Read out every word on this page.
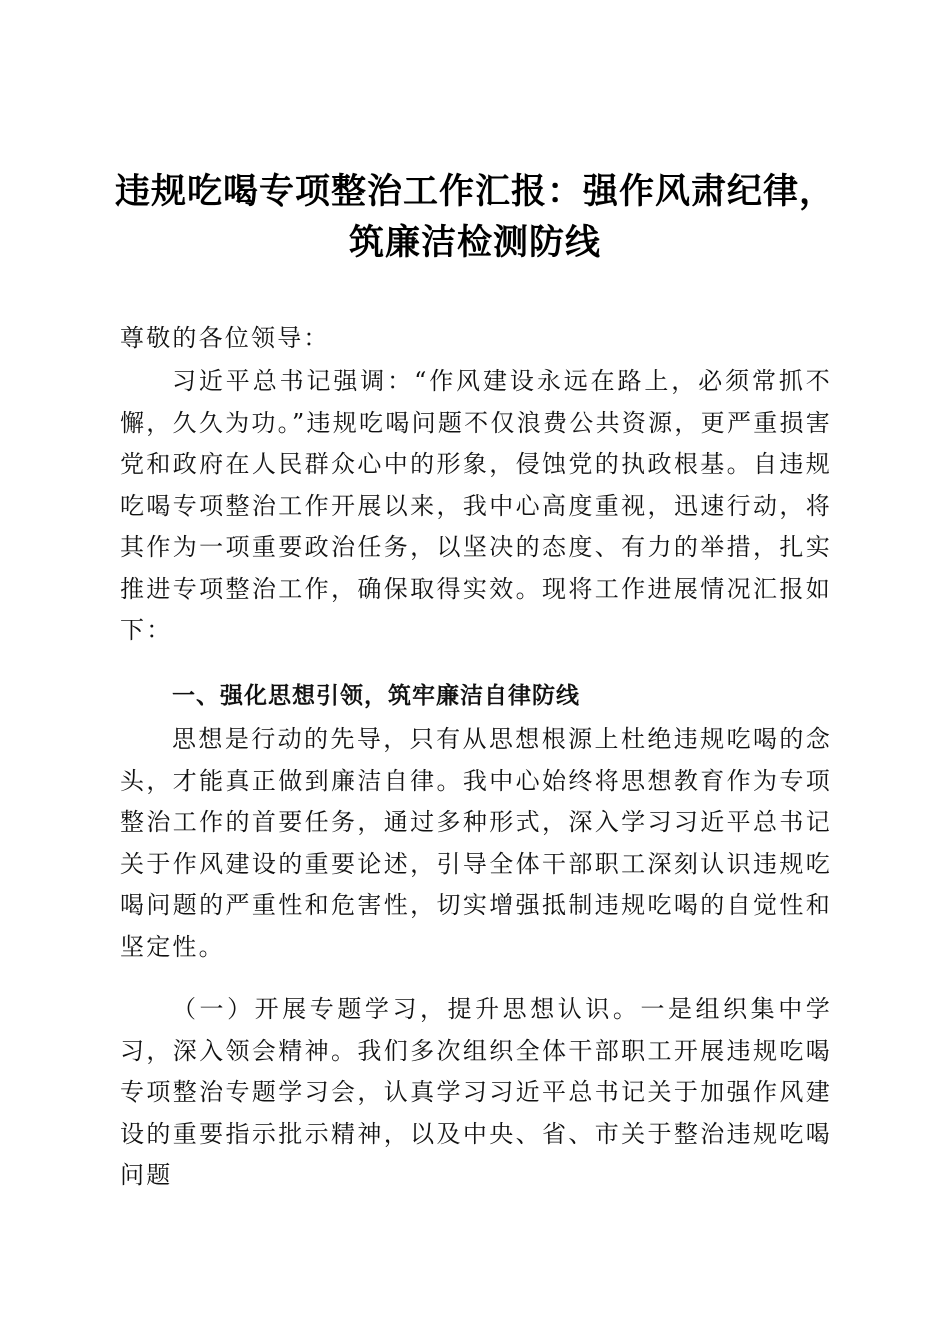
违规吃喝专项整治工作汇报：强作风肃纪律，
筑廉洁检测防线

尊敬的各位领导：

习近平总书记强调：“作风建设永远在路上，必须常抓不懈，久久为功。”违规吃喝问题不仅浪费公共资源，更严重损害党和政府在人民群众心中的形象，侵蚀党的执政根基。自违规吃喝专项整治工作开展以来，我中心高度重视，迅速行动，将其作为一项重要政治任务，以坚决的态度、有力的举措，扎实推进专项整治工作，确保取得实效。现将工作进展情况汇报如下：

一、强化思想引领，筑牢廉洁自律防线

思想是行动的先导，只有从思想根源上杜绝违规吃喝的念头，才能真正做到廉洁自律。我中心始终将思想教育作为专项整治工作的首要任务，通过多种形式，深入学习习近平总书记关于作风建设的重要论述，引导全体干部职工深刻认识违规吃喝问题的严重性和危害性，切实增强抵制违规吃喝的自觉性和坚定性。

（一）开展专题学习，提升思想认识。一是组织集中学习，深入领会精神。我们多次组织全体干部职工开展违规吃喝专项整治专题学习会，认真学习习近平总书记关于加强作风建设的重要指示批示精神，以及中央、省、市关于整治违规吃喝问题
